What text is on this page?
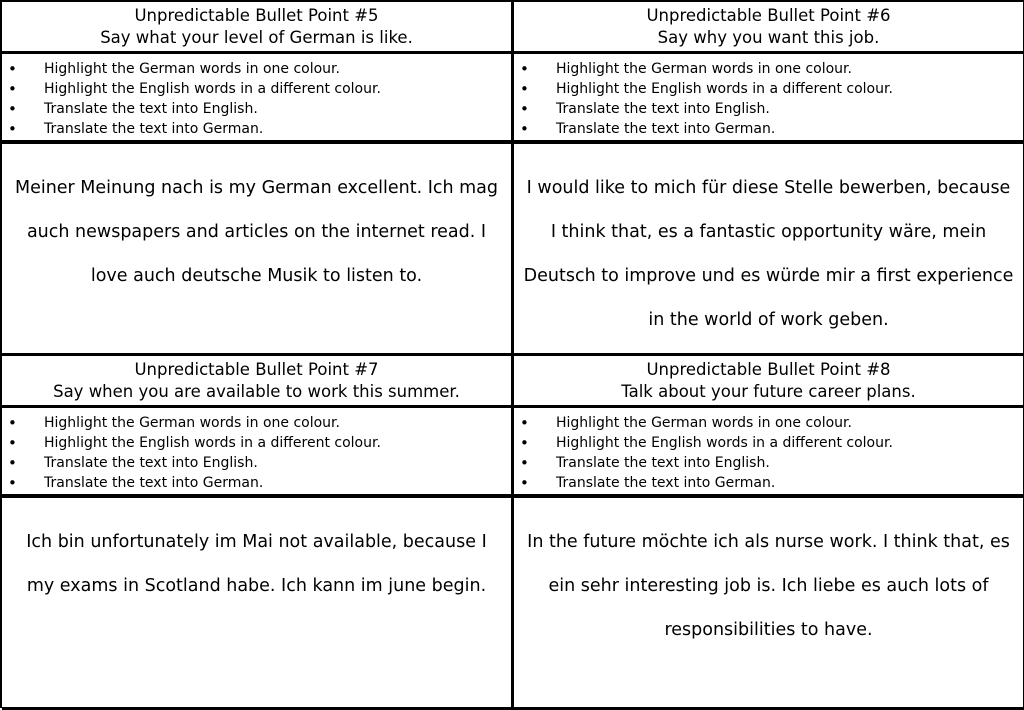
Unpredictable Bullet Point #5
Say what your level of German is like.
• Highlight the German words in one colour.
• Highlight the English words in a different colour.
• Translate the text into English.
• Translate the text into German.

Meiner Meinung nach is my German excellent. Ich mag auch newspapers and articles on the internet read. I love auch deutsche Musik to listen to.

Unpredictable Bullet Point #6
Say why you want this job.
• Highlight the German words in one colour.
• Highlight the English words in a different colour.
• Translate the text into English.
• Translate the text into German.

I would like to mich für diese Stelle bewerben, because I think that, es a fantastic opportunity wäre, mein Deutsch to improve und es würde mir a first experience in the world of work geben.

Unpredictable Bullet Point #7
Say when you are available to work this summer.
• Highlight the German words in one colour.
• Highlight the English words in a different colour.
• Translate the text into English.
• Translate the text into German.

Ich bin unfortunately im Mai not available, because I my exams in Scotland habe. Ich kann im june begin.

Unpredictable Bullet Point #8
Talk about your future career plans.
• Highlight the German words in one colour.
• Highlight the English words in a different colour.
• Translate the text into English.
• Translate the text into German.

In the future möchte ich als nurse work. I think that, es ein sehr interesting job is. Ich liebe es auch lots of responsibilities to have.
